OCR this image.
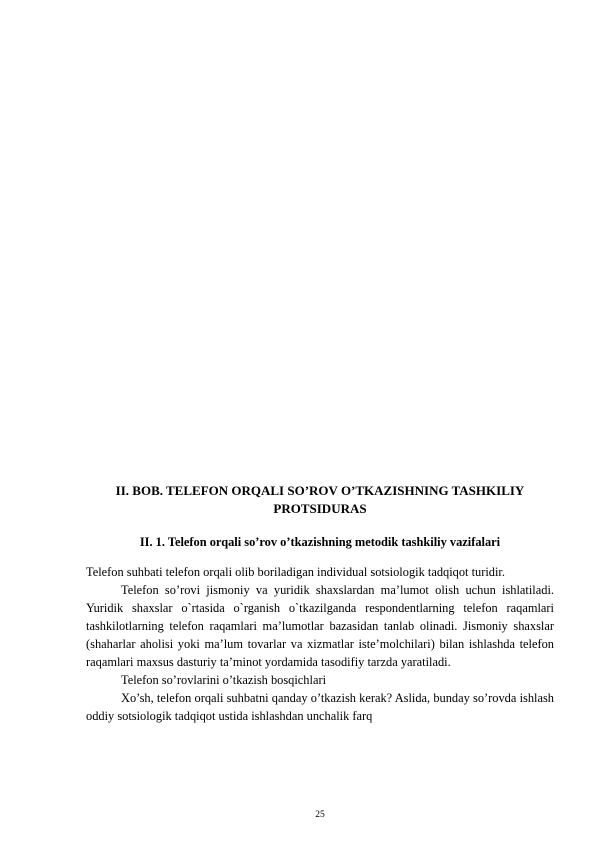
II. BOB. TELEFON ORQALI SO’ROV O’TKAZISHNING TASHKILIY PROTSIDURAS
II. 1. Telefon orqali so’rov o’tkazishning metodik tashkiliy vazifalari

Telefon suhbati telefon orqali olib boriladigan individual sotsiologik tadqiqot turidir.

Telefon so’rovi jismoniy va yuridik shaxslardan ma’lumot olish uchun ishlatiladi. Yuridik shaxslar o`rtasida o`rganish o`tkazilganda respondentlarning telefon raqamlari tashkilotlarning telefon raqamlari ma’lumotlar bazasidan tanlab olinadi. Jismoniy shaxslar (shaharlar aholisi yoki ma’lum tovarlar va xizmatlar iste’molchilari) bilan ishlashda telefon raqamlari maxsus dasturiy ta’minot yordamida tasodifiy tarzda yaratiladi.

Telefon so’rovlarini o’tkazish bosqichlari

Xo’sh, telefon orqali suhbatni qanday o’tkazish kerak? Aslida, bunday so’rovda ishlash oddiy sotsiologik tadqiqot ustida ishlashdan unchalik farq

25
